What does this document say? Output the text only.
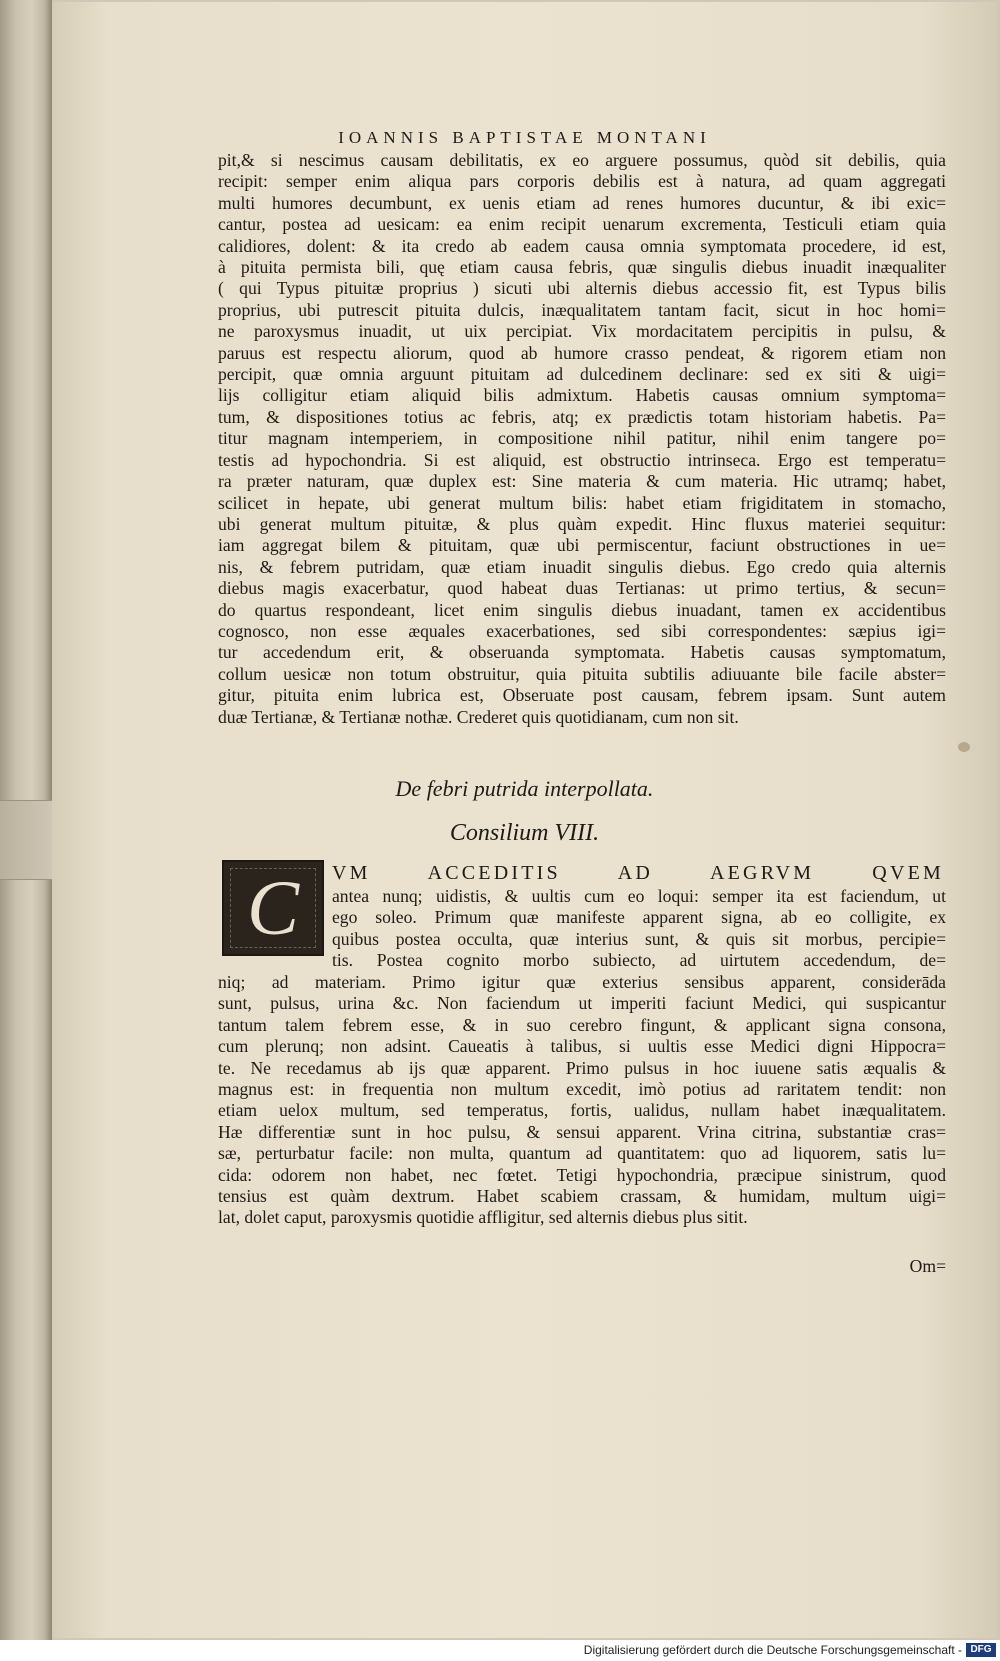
IOANNIS BAPTISTAE MONTANI
pit,& si nescimus causam debilitatis, ex eo arguere possumus, quòd sit debilis, quia
recipit: semper enim aliqua pars corporis debilis est à natura, ad quam aggregati
multi humores decumbunt, ex uenis etiam ad renes humores ducuntur, & ibi exic=
cantur, postea ad uesicam: ea enim recipit uenarum excrementa, Testiculi etiam quia
calidiores, dolent: & ita credo ab eadem causa omnia symptomata procedere, id est,
à pituita permista bili, quę etiam causa febris, quæ singulis diebus inuadit inæqualiter
( qui Typus pituitæ proprius ) sicuti ubi alternis diebus accessio fit, est Typus bilis
proprius, ubi putrescit pituita dulcis, inæqualitatem tantam facit, sicut in hoc homi=
ne paroxysmus inuadit, ut uix percipiat. Vix mordacitatem percipitis in pulsu, &
paruus est respectu aliorum, quod ab humore crasso pendeat, & rigorem etiam non
percipit, quæ omnia arguunt pituitam ad dulcedinem declinare: sed ex siti & uigi=
lijs colligitur etiam aliquid bilis admixtum. Habetis causas omnium symptoma=
tum, & dispositiones totius ac febris, atq; ex prædictis totam historiam habetis. Pa=
titur magnam intemperiem, in compositione nihil patitur, nihil enim tangere po=
testis ad hypochondria. Si est aliquid, est obstructio intrinseca. Ergo est temperatu=
ra præter naturam, quæ duplex est: Sine materia & cum materia. Hic utramq; habet,
scilicet in hepate, ubi generat multum bilis: habet etiam frigiditatem in stomacho,
ubi generat multum pituitæ, & plus quàm expedit. Hinc fluxus materiei sequitur:
iam aggregat bilem & pituitam, quæ ubi permiscentur, faciunt obstructiones in ue=
nis, & febrem putridam, quæ etiam inuadit singulis diebus. Ego credo quia alternis
diebus magis exacerbatur, quod habeat duas Tertianas: ut primo tertius, & secun=
do quartus respondeant, licet enim singulis diebus inuadant, tamen ex accidentibus
cognosco, non esse æquales exacerbationes, sed sibi correspondentes: sæpius igi=
tur accedendum erit, & obseruanda symptomata. Habetis causas symptomatum,
collum uesicæ non totum obstruitur, quia pituita subtilis adiuuante bile facile abster=
gitur, pituita enim lubrica est, Obseruate post causam, febrem ipsam. Sunt autem
duæ Tertianæ, & Tertianæ nothæ. Crederet quis quotidianam, cum non sit.
De febri putrida interpollata.
Consilium VIII.
C	VM ACCEDITIS AD AEGRVM QVEM
antea nunq; uidistis, & uultis cum eo loqui: semper ita est faciendum, ut
ego soleo. Primum quæ manifeste apparent signa, ab eo colligite, ex
quibus postea occulta, quæ interius sunt, & quis sit morbus, percipie=
tis. Postea cognito morbo subiecto, ad uirtutem accedendum, de=
niq; ad materiam. Primo igitur quæ exterius sensibus apparent, considerāda
sunt, pulsus, urina &c. Non faciendum ut imperiti faciunt Medici, qui suspicantur
tantum talem febrem esse, & in suo cerebro fingunt, & applicant signa consona,
cum plerunq; non adsint. Caueatis à talibus, si uultis esse Medici digni Hippocra=
te. Ne recedamus ab ijs quæ apparent. Primo pulsus in hoc iuuene satis æqualis &
magnus est: in frequentia non multum excedit, imò potius ad raritatem tendit: non
etiam uelox multum, sed temperatus, fortis, ualidus, nullam habet inæqualitatem.
Hæ differentiæ sunt in hoc pulsu, & sensui apparent. Vrina citrina, substantiæ cras=
sæ, perturbatur facile: non multa, quantum ad quantitatem: quo ad liquorem, satis lu=
cida: odorem non habet, nec fœtet. Tetigi hypochondria, præcipue sinistrum, quod
tensius est quàm dextrum. Habet scabiem crassam, & humidam, multum uigi=
lat, dolet caput, paroxysmis quotidie affligitur, sed alternis diebus plus sitit.
Om=
Digitalisierung gefördert durch die Deutsche Forschungsgemeinschaft - DFG
